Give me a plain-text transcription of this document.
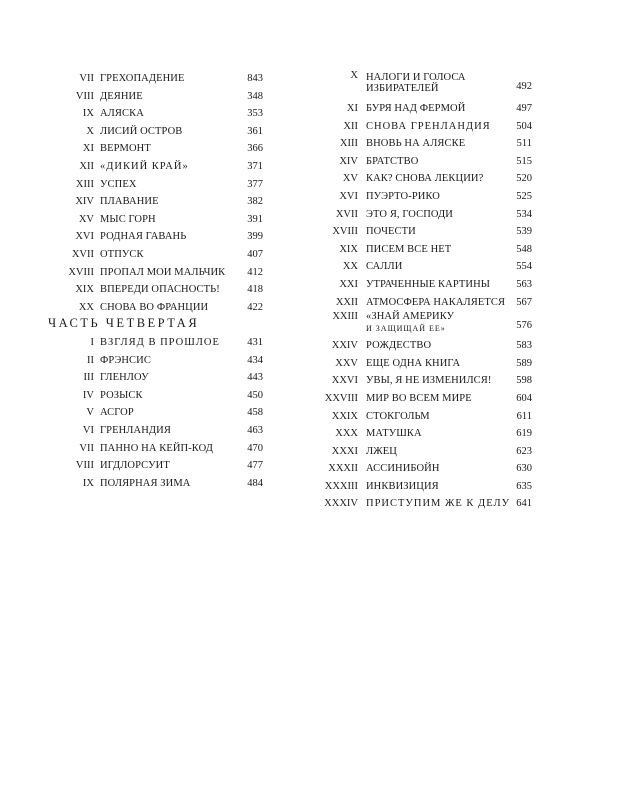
VII ГРЕХОПАДЕНИЕ	843
VIII ДЕЯНИЕ	348
IX АЛЯСКА	353
X ЛИСИЙ ОСТРОВ	361
XI ВЕРМОНТ	366
XII «ДИКИЙ КРАЙ»	371
XIII УСПЕХ	377
XIV ПЛАВАНИЕ	382
XV МЫС ГОРН	391
XVI РОДНАЯ ГАВАНЬ	399
XVII ОТПУСК	407
XVIII ПРОПАЛ МОИ МАЛЬЧИК	412
XIX ВПЕРЕДИ ОПАСНОСТЬ!	418
XX СНОВА ВО ФРАНЦИИ	422
ЧАСТЬ ЧЕТВЕРТАЯ
I ВЗГЛЯД В ПРОШЛОЕ	431
II ФРЭНСИС	434
III ГЛЕНЛОУ	443
IV РОЗЫСК	450
V АСГОР	458
VI ГРЕНЛАНДИЯ	463
VII ПАННО НА КЕЙП-КОД	470
VIII ИГДЛОРСУИТ	477
IX ПОЛЯРНАЯ ЗИМА	484
X НАЛОГИ И ГОЛОСА
ИЗБИРАТЕЛЕЙ	492
XI БУРЯ НАД ФЕРМОЙ	497
XII СНОВА ГРЕНЛАНДИЯ	504
XIII ВНОВЬ НА АЛЯСКЕ	511
XIV БРАТСТВО	515
XV КАК? СНОВА ЛЕКЦИИ?	520
XVI ПУЭРТО-РИКО	525
XVII ЭТО Я, ГОСПОДИ	534
XVIII ПОЧЕСТИ	539
XIX ПИСЕМ ВСЕ НЕТ	548
XX САЛЛИ	554
XXI УТРАЧЕННЫЕ КАРТИНЫ	563
XXII АТМОСФЕРА НАКАЛЯЕТСЯ	567
XXIII «ЗНАЙ АМЕРИКУ
И ЗАЩИЩАЙ ЕЕ»	576
XXIV РОЖДЕСТВО	583
XXV ЕЩЕ ОДНА КНИГА	589
XXVI УВЫ, Я НЕ ИЗМЕНИЛСЯ!	598
XXVIII МИР ВО ВСЕМ МИРЕ	604
XXIX СТОКГОЛЬМ	611
XXX МАТУШКА	619
XXXI ЛЖЕЦ	623
XXXII АССИНИБОЙН	630
XXXIII ИНКВИЗИЦИЯ	635
XXXIV ПРИСТУПИМ ЖЕ К ДЕЛУ 641
